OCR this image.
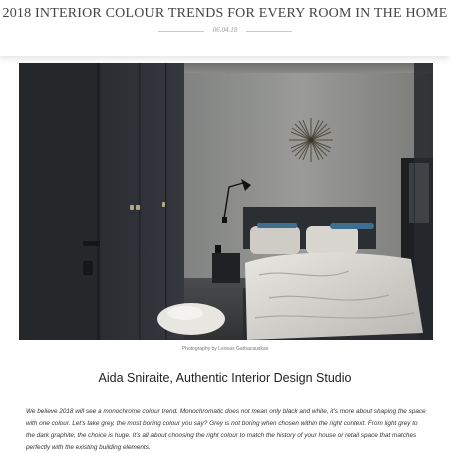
2018 INTERIOR COLOUR TRENDS FOR EVERY ROOM IN THE HOME
06.04.18
Photography by Leonas Garbacauskas
Aida Sniraite, Authentic Interior Design Studio

We believe 2018 will see a monochrome colour trend. Monochromatic does not mean only black and white, it's more about shaping the space with one colour. Let's take grey, the most boring colour you say? Grey is not boring when chosen within the right context. From light grey to the dark graphite, the choice is huge. It's all about choosing the right colour to match the history of your house or retail space that matches perfectly with the existing building elements.
